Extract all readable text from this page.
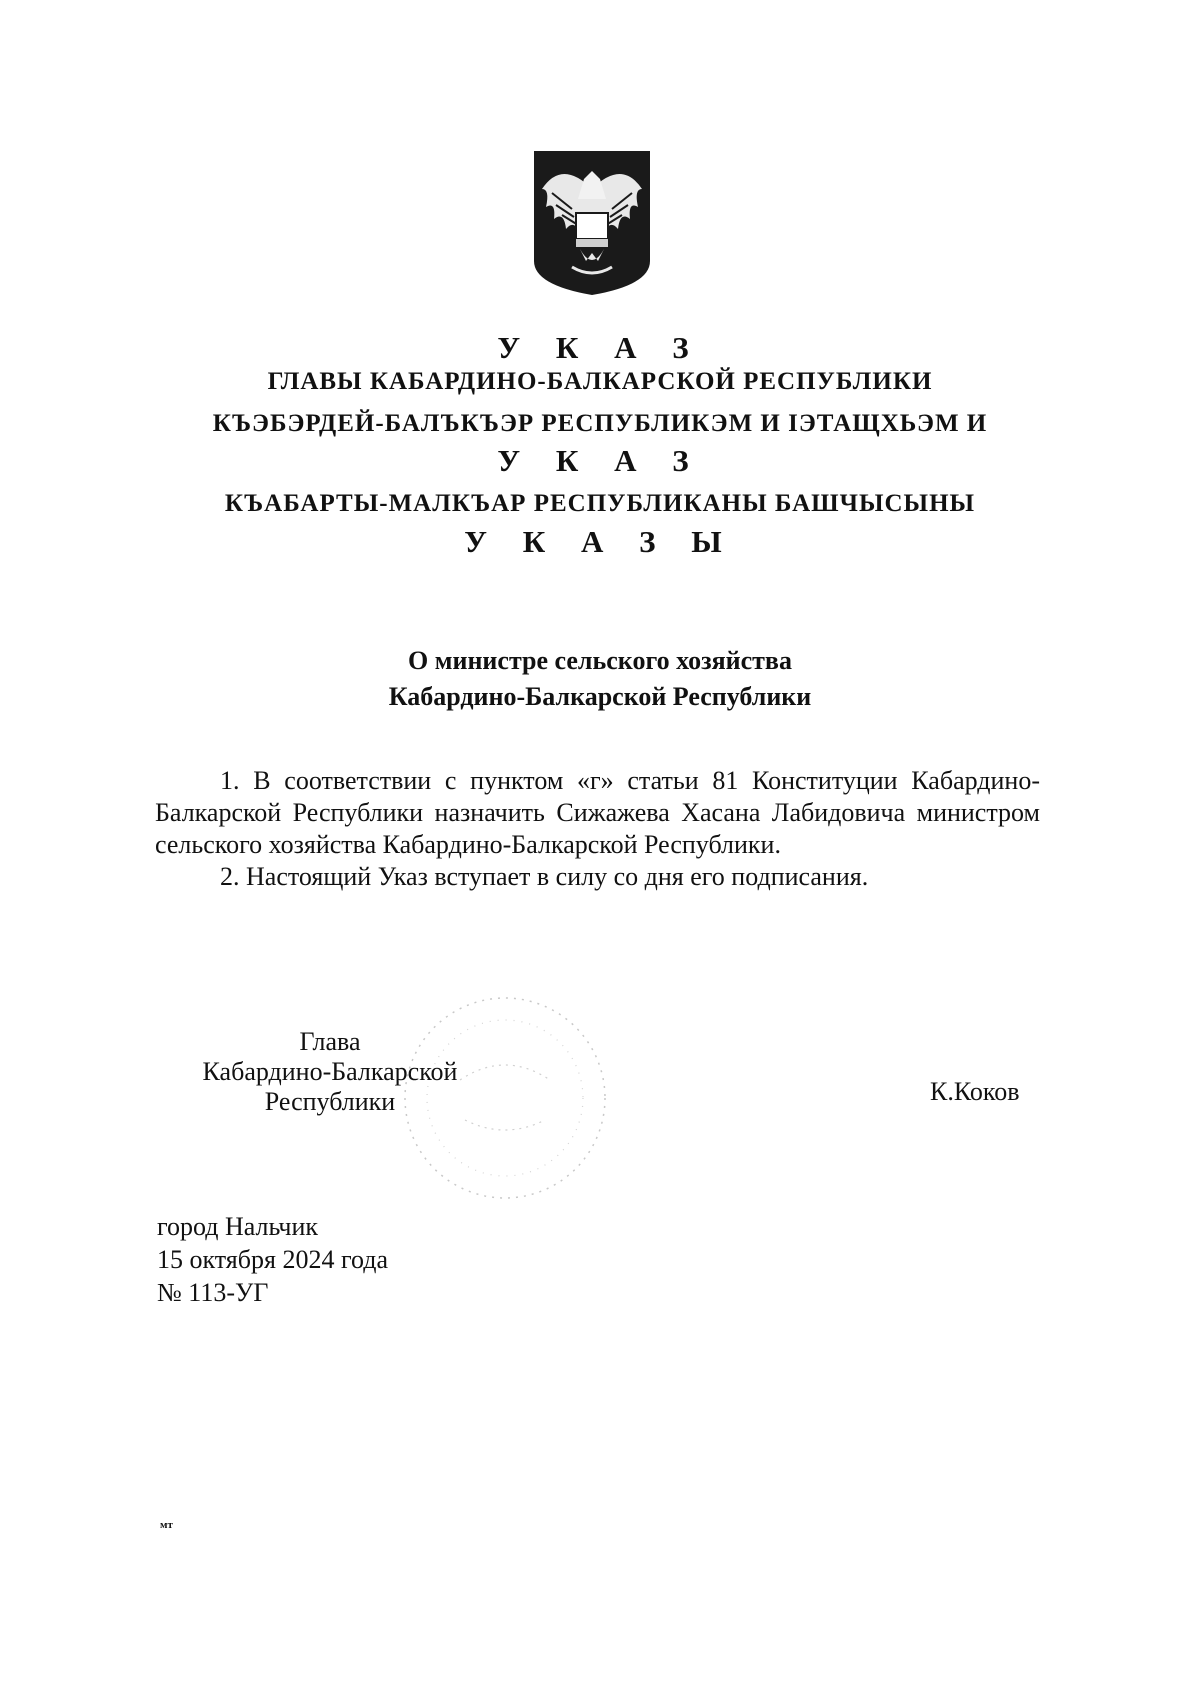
У К А З
ГЛАВЫ КАБАРДИНО-БАЛКАРСКОЙ РЕСПУБЛИКИ
КЪЭБЭРДЕЙ-БАЛЪКЪЭР РЕСПУБЛИКЭМ И IЭТАЩХЬЭМ И
У К А З
КЪАБАРТЫ-МАЛКЪАР РЕСПУБЛИКАНЫ БАШЧЫСЫНЫ
У К А З Ы
О министре сельского хозяйства
Кабардино-Балкарской Республики

1. В соответствии с пунктом «г» статьи 81 Конституции Кабардино-Балкарской Республики назначить Сижажева Хасана Лабидовича министром сельского хозяйства Кабардино-Балкарской Республики.

2. Настоящий Указ вступает в силу со дня его подписания.

Глава
Кабардино-Балкарской
Республики	К.Коков
город Нальчик
15 октября 2024 года
№ 113-УГ
мт
